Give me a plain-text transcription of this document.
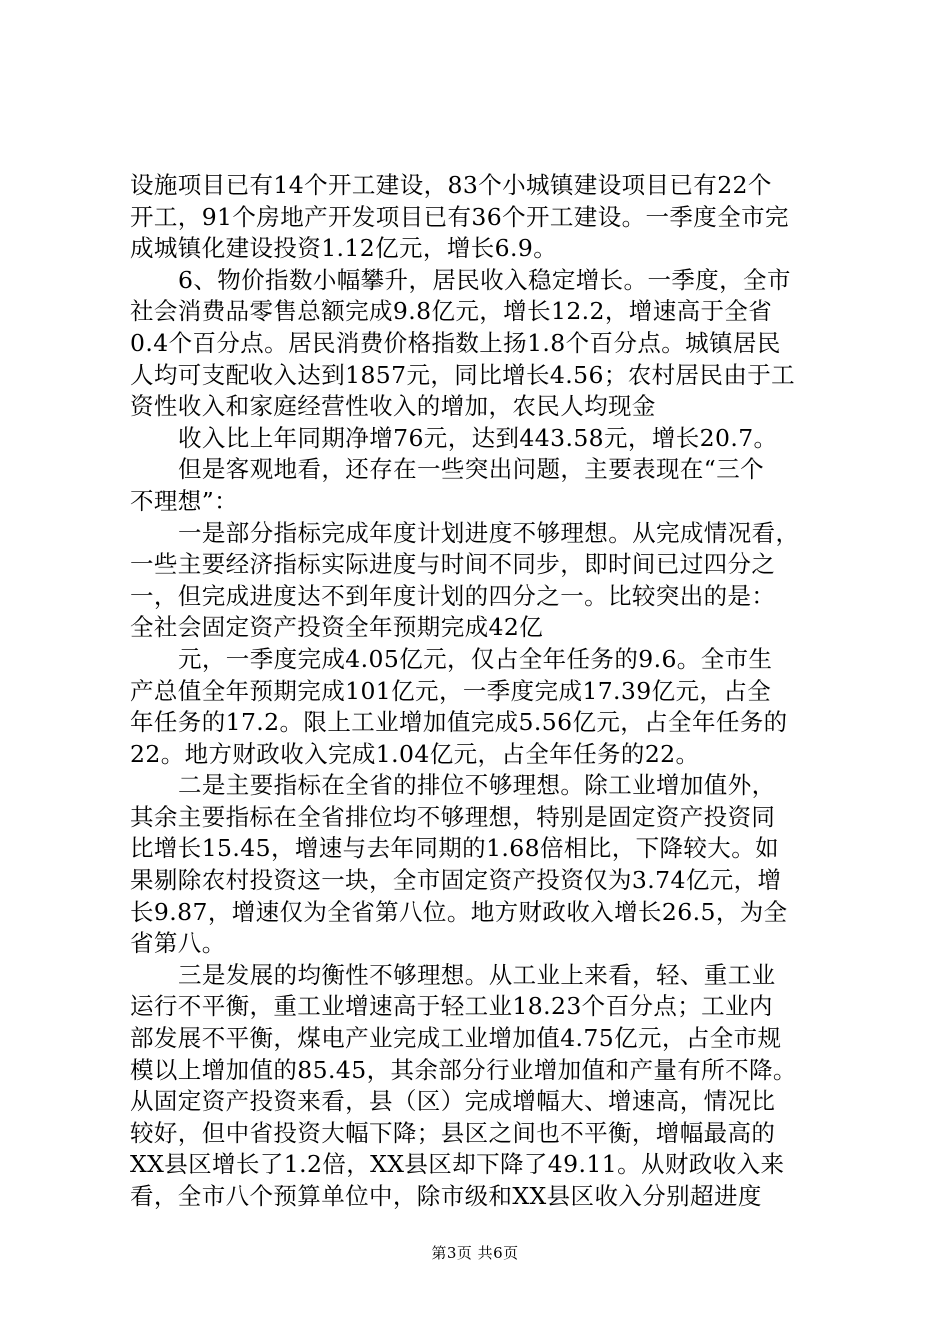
设施项目已有14个开工建设，83个小城镇建设项目已有22个
开工，91个房地产开发项目已有36个开工建设。一季度全市完
成城镇化建设投资1.12亿元，增长6.9。
6、物价指数小幅攀升，居民收入稳定增长。一季度，全市
社会消费品零售总额完成9.8亿元，增长12.2，增速高于全省
0.4个百分点。居民消费价格指数上扬1.8个百分点。城镇居民
人均可支配收入达到1857元，同比增长4.56；农村居民由于工
资性收入和家庭经营性收入的增加，农民人均现金
收入比上年同期净增76元，达到443.58元，增长20.7。
但是客观地看，还存在一些突出问题，主要表现在“三个
不理想”：
一是部分指标完成年度计划进度不够理想。从完成情况看，
一些主要经济指标实际进度与时间不同步，即时间已过四分之
一，但完成进度达不到年度计划的四分之一。比较突出的是：
全社会固定资产投资全年预期完成42亿
元，一季度完成4.05亿元，仅占全年任务的9.6。全市生
产总值全年预期完成101亿元，一季度完成17.39亿元，占全
年任务的17.2。限上工业增加值完成5.56亿元，占全年任务的
22。地方财政收入完成1.04亿元，占全年任务的22。
二是主要指标在全省的排位不够理想。除工业增加值外，
其余主要指标在全省排位均不够理想，特别是固定资产投资同
比增长15.45，增速与去年同期的1.68倍相比，下降较大。如
果剔除农村投资这一块，全市固定资产投资仅为3.74亿元，增
长9.87，增速仅为全省第八位。地方财政收入增长26.5，为全
省第八。
三是发展的均衡性不够理想。从工业上来看，轻、重工业
运行不平衡，重工业增速高于轻工业18.23个百分点；工业内
部发展不平衡，煤电产业完成工业增加值4.75亿元，占全市规
模以上增加值的85.45，其余部分行业增加值和产量有所不降。
从固定资产投资来看，县（区）完成增幅大、增速高，情况比
较好，但中省投资大幅下降；县区之间也不平衡，增幅最高的
XX县区增长了1.2倍，XX县区却下降了49.11。从财政收入来
看，全市八个预算单位中，除市级和XX县区收入分别超进度
第3页 共6页
